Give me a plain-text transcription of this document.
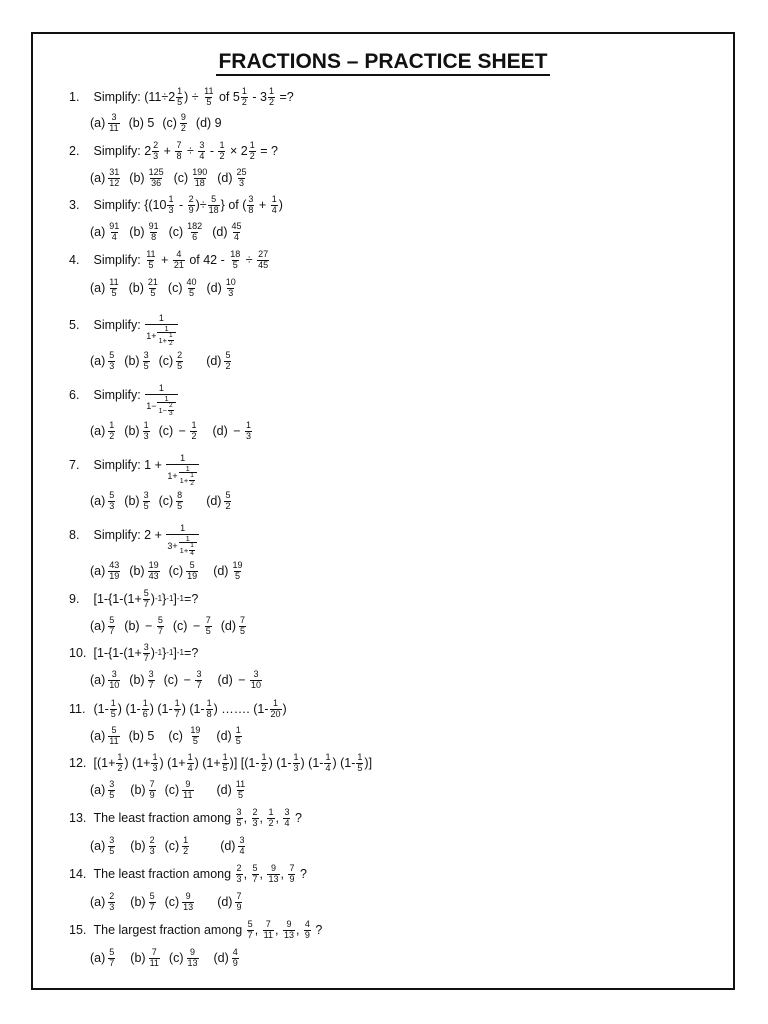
FRACTIONS – PRACTICE SHEET
1.
	Simplify:
(11÷2 1
5 ) ÷
$\frac{11}{5}$
of 5 1
2
- $3 \frac{1}{2}$
=?
(a) 3
11 (b) 5 (c) 9
2 (d) 9
2.
	Simplify:
2 2
3
+
$\frac{7}{8}$
÷
$\frac{3}{4}$
-
$\frac{1}{2}$
× $2 \frac{1}{2}$
= ?
(a) 31
12 (b) 125
36 (c) 190
18 (d) 25
3
3.
	Simplify:
{(10 1
3
-
2
9 )÷ $\frac{5}{18}$ } of ( 3
8
+
$\frac{1}{4}$ )
(a) 91
4 (b) 91
8 (c) 182
6 (d) 45
4
4.
	Simplify:
11
5
+
$\frac{4}{21}$
of 42 -
$\frac{18}{5}$
÷
$\frac{27}{45}$
(a) 11
5 (b) 21
5 (c) 40
5 (d) 10
3
5.
	Simplify:
1
1+
1
1+ 1
2
(a) 5
3 (b) 3
5 (c) 2
5 (d) 5
2
6.
	Simplify:
1
1−
1
1− 2
3
(a) 1
2 (b) 1
3 (c)
−
$\frac{1}{2} (d)$
−
$\frac{1}{3}$
7.
	Simplify: 1 +
1
1+
1
1+ 1
2
(a) 5
3 (b) 3
5 (c) 8
5 (d) 5
2
8.
	Simplify: 2 +
1
3+
1
1+ 1
4
(a) 43
19 (b) 19
43 (c) 5
19 (d) 19
5
9.
	[$1-\{1-(1+ \frac{5}{7}$ ) -1 } -1 ] -1 =?
(a) 5
7 (b)
−
$\frac{5}{7} (c)$
−
$\frac{7}{5} (d)$ 7
5
10.
[$1-\{1-(1+ \frac{3}{7}$ ) -1 } -1 ] -1 =?
(a) 3
10 (b) 3
7 (c)
−
$\frac{3}{7} (d)$
−
$\frac{3}{10}$
11.
(1- 1
5 )
(1- 1
6 )
(1- 1
7 )
(1- 1
8 )
……. (1- 1
20 )
(a) 5
11 (b) 5 (c)
19
5 (d) 1
5
12.
[($1+ \frac{1}{2}$ )
($1+ \frac{1}{3}$ )
($1+ \frac{1}{4}$ )
($1+ \frac{1}{5}$ )]
[(1- 1
2 )
(1- 1
3 )
(1- 1
4 )
(1- 1
5 )]
(a) 3
5 (b) 7
9 (c) 9
11 (d) 11
5
13.
The least fraction among
3
5 , 2
3 , 1
2 , 3
4
?
(a) 3
5 (b) 2
3 (c) 1
2	(d) 3
4
14.
The least fraction among
2
3 , 5
7 , 9
13 , 7
9
?
(a) 2
3 (b) 5
7 (c) 9
13 (d) 7
9
15.
The largest fraction among
5
7 , 7
11 , 9
13 , 4
9
?
(a) 5
7 (b) 7
11 (c) 9
13 (d) 4
9
